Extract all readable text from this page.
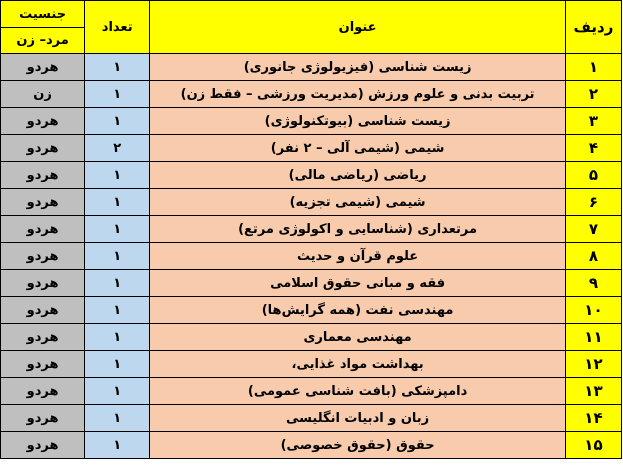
ردیف	عنوان	تعداد	جنسیت
			مرد– زن
۱	زیست شناسی (فیزیولوژی جانوری)	۱	هردو
۲	تربیت بدنی و علوم ورزش (مدیریت ورزشی – فقط زن)	۱	زن
۳	زیست شناسی (بیوتکنولوژی)	۱	هردو
۴	شیمی (شیمی آلی – ۲ نفر)	۲	هردو
۵	ریاضی (ریاضی مالی)	۱	هردو
۶	شیمی (شیمی تجزیه)	۱	هردو
۷	مرتعداری (شناسایی و اکولوژی مرتع)	۱	هردو
۸	علوم قرآن و حدیث	۱	هردو
۹	فقه و مبانی حقوق اسلامی	۱	هردو
۱۰	مهندسی نفت (همه گرایش‌ها)	۱	هردو
۱۱	مهندسی معماری	۱	هردو
۱۲	بهداشت مواد غذایی،	۱	هردو
۱۳	دامپزشکی (بافت شناسی عمومی)	۱	هردو
۱۴	زبان و ادبیات انگلیسی	۱	هردو
۱۵	حقوق (حقوق خصوصی)	۱	هردو
